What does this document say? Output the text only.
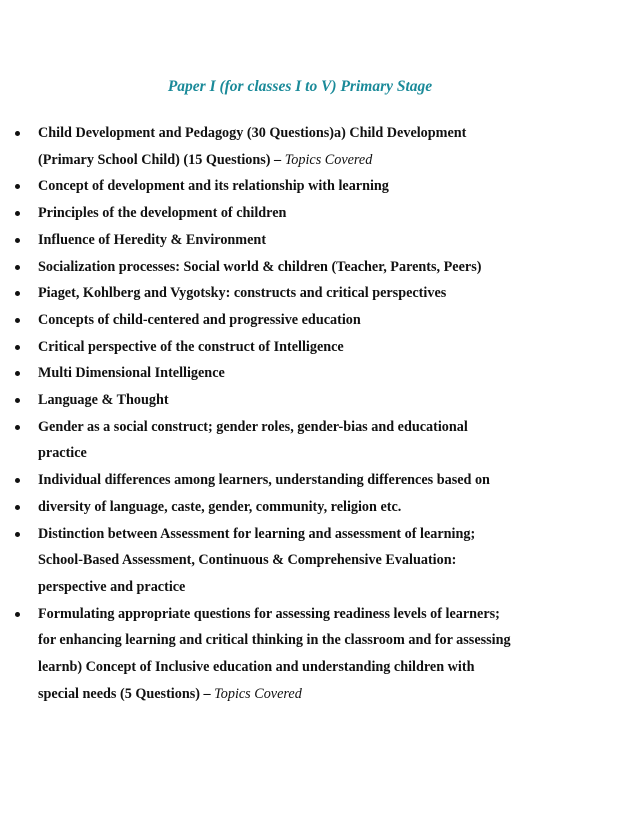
Paper I (for classes I to V) Primary Stage
Child Development and Pedagogy (30 Questions)a) Child Development
(Primary School Child) (15 Questions) – Topics Covered
Concept of development and its relationship with learning
Principles of the development of children
Influence of Heredity & Environment
Socialization processes: Social world & children (Teacher, Parents, Peers)
Piaget, Kohlberg and Vygotsky: constructs and critical perspectives
Concepts of child-centered and progressive education
Critical perspective of the construct of Intelligence
Multi Dimensional Intelligence
Language & Thought
Gender as a social construct; gender roles, gender-bias and educational
practice
Individual differences among learners, understanding differences based on
diversity of language, caste, gender, community, religion etc.
Distinction between Assessment for learning and assessment of learning;
School-Based Assessment, Continuous & Comprehensive Evaluation:
perspective and practice
Formulating appropriate questions for assessing readiness levels of learners;
for enhancing learning and critical thinking in the classroom and for assessing
learnb) Concept of Inclusive education and understanding children with
special needs (5 Questions) – Topics Covered
